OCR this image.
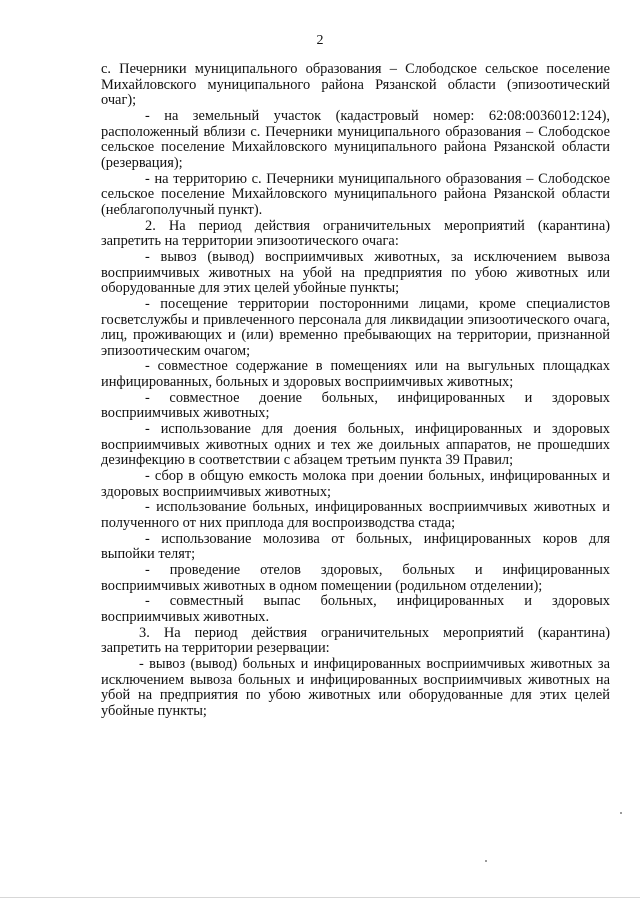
2

с. Печерники муниципального образования – Слободское сельское поселение Михайловского муниципального района Рязанской области (эпизоотический очаг);

- на земельный участок (кадастровый номер: 62:08:0036012:124), расположенный вблизи с. Печерники муниципального образования – Слободское сельское поселение Михайловского муниципального района Рязанской области (резервация);

- на территорию с. Печерники муниципального образования – Слободское сельское поселение Михайловского муниципального района Рязанской области (неблагополучный пункт).

2. На период действия ограничительных мероприятий (карантина) запретить на территории эпизоотического очага:

- вывоз (вывод) восприимчивых животных, за исключением вывоза восприимчивых животных на убой на предприятия по убою животных или оборудованные для этих целей убойные пункты;

- посещение территории посторонними лицами, кроме специалистов госветслужбы и привлеченного персонала для ликвидации эпизоотического очага, лиц, проживающих и (или) временно пребывающих на территории, признанной эпизоотическим очагом;

- совместное содержание в помещениях или на выгульных площадках инфицированных, больных и здоровых восприимчивых животных;

- совместное доение больных, инфицированных и здоровых восприимчивых животных;

- использование для доения больных, инфицированных и здоровых восприимчивых животных одних и тех же доильных аппаратов, не прошедших дезинфекцию в соответствии с абзацем третьим пункта 39 Правил;

- сбор в общую емкость молока при доении больных, инфицированных и здоровых восприимчивых животных;

- использование больных, инфицированных восприимчивых животных и полученного от них приплода для воспроизводства стада;

- использование молозива от больных, инфицированных коров для выпойки телят;

- проведение отелов здоровых, больных и инфицированных восприимчивых животных в одном помещении (родильном отделении);

- совместный выпас больных, инфицированных и здоровых восприимчивых животных.

3. На период действия ограничительных мероприятий (карантина) запретить на территории резервации:

- вывоз (вывод) больных и инфицированных восприимчивых животных за исключением вывоза больных и инфицированных восприимчивых животных на убой на предприятия по убою животных или оборудованные для этих целей убойные пункты;
